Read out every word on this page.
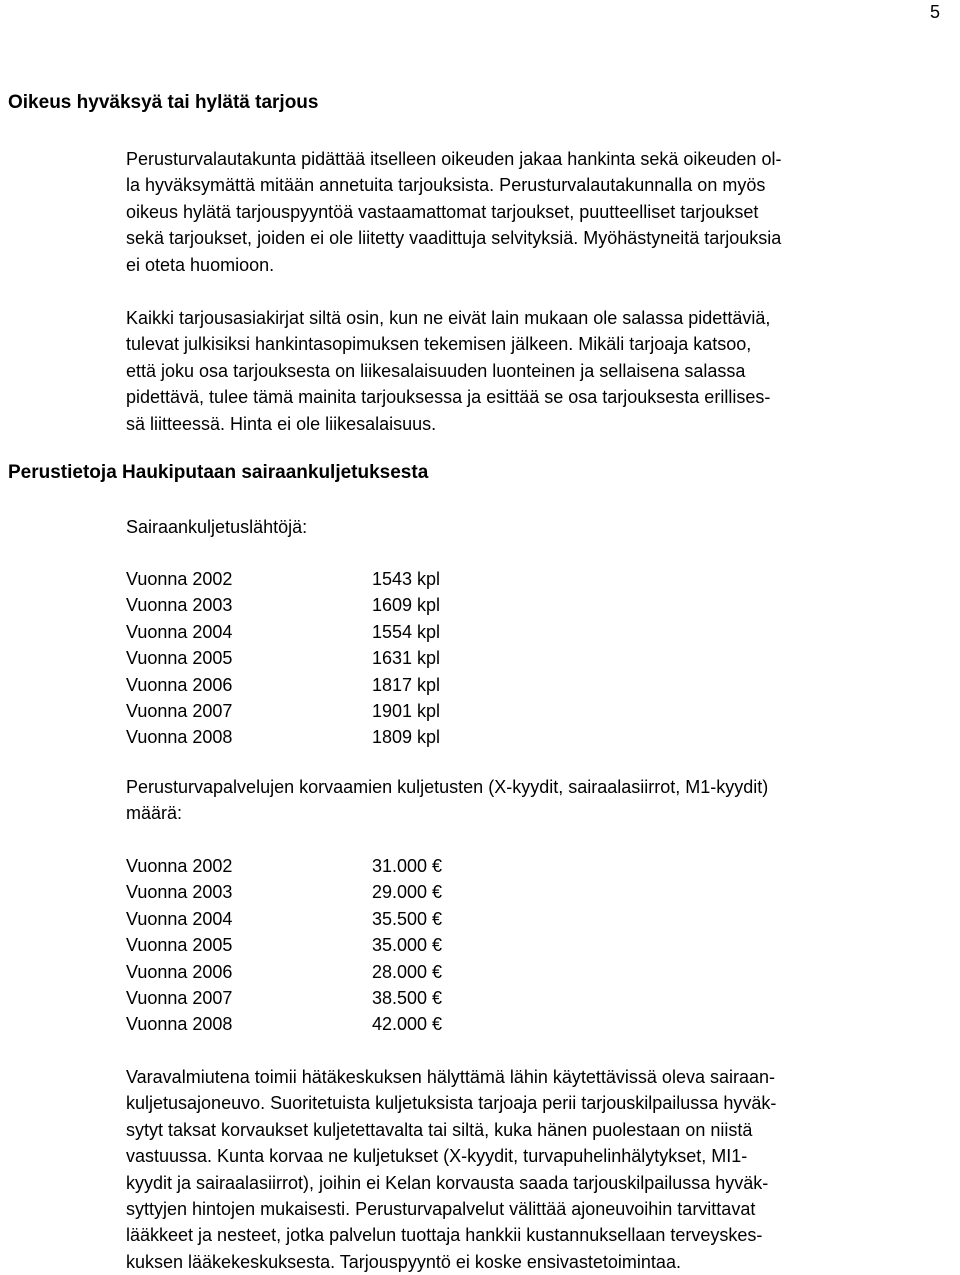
5
Oikeus hyväksyä tai hylätä tarjous

Perusturvalautakunta pidättää itselleen oikeuden jakaa hankinta sekä oikeuden ol-
la hyväksymättä mitään annetuita tarjouksista. Perusturvalautakunnalla on myös
oikeus hylätä tarjouspyyntöä vastaamattomat tarjoukset, puutteelliset tarjoukset
sekä tarjoukset, joiden ei ole liitetty vaadittuja selvityksiä. Myöhästyneitä tarjouksia
ei oteta huomioon.

Kaikki tarjousasiakirjat siltä osin, kun ne eivät lain mukaan ole salassa pidettäviä,
tulevat julkisiksi hankintasopimuksen tekemisen jälkeen. Mikäli tarjoaja katsoo,
että joku osa tarjouksesta on liikesalaisuuden luonteinen ja sellaisena salassa
pidettävä, tulee tämä mainita tarjouksessa ja esittää se osa tarjouksesta erillises-
sä liitteessä. Hinta ei ole liikesalaisuus.

Perustietoja Haukiputaan sairaankuljetuksesta

Sairaankuljetuslähtöjä:

Vuonna 2002	1543 kpl
Vuonna 2003	1609 kpl
Vuonna 2004	1554 kpl
Vuonna 2005	1631 kpl
Vuonna 2006	1817 kpl
Vuonna 2007	1901 kpl
Vuonna 2008	1809 kpl

Perusturvapalvelujen korvaamien kuljetusten (X-kyydit, sairaalasiirrot, M1-kyydit)
määrä:

Vuonna 2002	31.000 €
Vuonna 2003	29.000 €
Vuonna 2004	35.500 €
Vuonna 2005	35.000 €
Vuonna 2006	28.000 €
Vuonna 2007	38.500 €
Vuonna 2008	42.000 €

Varavalmiutena toimii hätäkeskuksen hälyttämä lähin käytettävissä oleva sairaan-
kuljetusajoneuvo. Suoritetuista kuljetuksista tarjoaja perii tarjouskilpailussa hyväk-
sytyt taksat korvaukset kuljetettavalta tai siltä, kuka hänen puolestaan on niistä
vastuussa. Kunta korvaa ne kuljetukset (X-kyydit, turvapuhelinhälytykset, MI1-
kyydit ja sairaalasiirrot), joihin ei Kelan korvausta saada tarjouskilpailussa hyväk-
syttyjen hintojen mukaisesti. Perusturvapalvelut välittää ajoneuvoihin tarvittavat
lääkkeet ja nesteet, jotka palvelun tuottaja hankkii kustannuksellaan terveyskes-
kuksen lääkekeskuksesta. Tarjouspyyntö ei koske ensivastetoimintaa.
